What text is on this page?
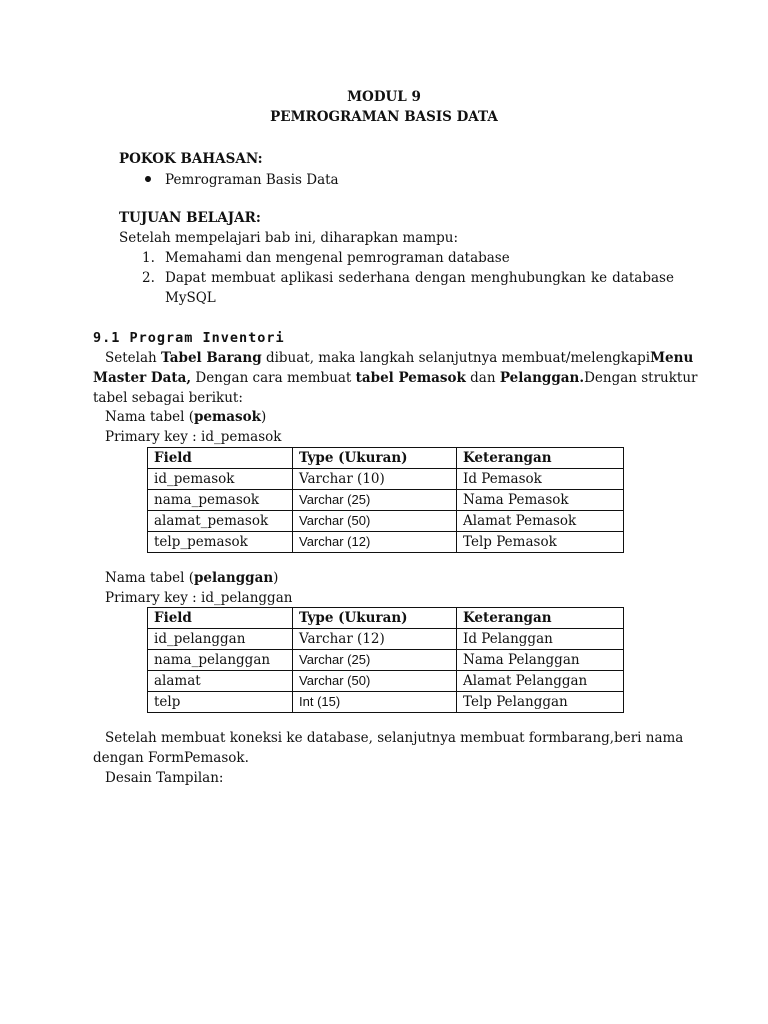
MODUL 9
PEMROGRAMAN BASIS DATA
POKOK BAHASAN:
Pemrograman Basis Data
TUJUAN BELAJAR:
Setelah mempelajari bab ini, diharapkan mampu:
1. Memahami dan mengenal pemrograman database
2. Dapat membuat aplikasi sederhana dengan menghubungkan ke database
MySQL
9.1 Program Inventori
Setelah Tabel Barang dibuat, maka langkah selanjutnya membuat/melengkapi Menu
Master Data, Dengan cara membuat tabel Pemasok dan Pelanggan. Dengan struktur
tabel sebagai berikut:
Nama tabel (pemasok)
Primary key : id_pemasok
Field	Type (Ukuran)	Keterangan
id_pemasok	Varchar (10)	Id Pemasok
nama_pemasok	Varchar (25)	Nama Pemasok
alamat_pemasok	Varchar (50)	Alamat Pemasok
telp_pemasok	Varchar (12)	Telp Pemasok
Nama tabel (pelanggan)
Primary key : id_pelanggan
Field	Type (Ukuran)	Keterangan
id_pelanggan	Varchar (12)	Id Pelanggan
nama_pelanggan	Varchar (25)	Nama Pelanggan
alamat	Varchar (50)	Alamat Pelanggan
telp	Int (15)	Telp Pelanggan
Setelah membuat koneksi ke database, selanjutnya membuat form barang,beri nama
dengan FormPemasok.
Desain Tampilan:
